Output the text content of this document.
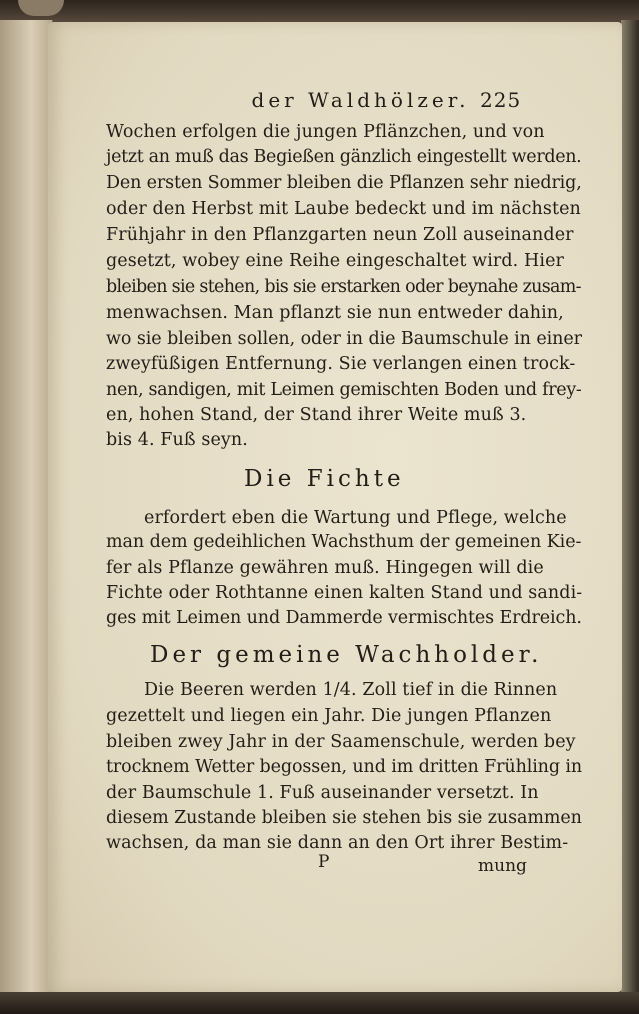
der Waldhölzer. 225
Wochen erfolgen die jungen Pflänzchen, und von
jetzt an muß das Begießen gänzlich eingestellt werden.
Den ersten Sommer bleiben die Pflanzen sehr niedrig,
oder den Herbst mit Laube bedeckt und im nächsten
Frühjahr in den Pflanzgarten neun Zoll auseinander
gesetzt, wobey eine Reihe eingeschaltet wird. Hier
bleiben sie stehen, bis sie erstarken oder beynahe zusam-
menwachsen. Man pflanzt sie nun entweder dahin,
wo sie bleiben sollen, oder in die Baumschule in einer
zweyfüßigen Entfernung. Sie verlangen einen trock-
nen, sandigen, mit Leimen gemischten Boden und frey-
en, hohen Stand, der Stand ihrer Weite muß 3.
bis 4. Fuß seyn.
Die Fichte
erfordert eben die Wartung und Pflege, welche
man dem gedeihlichen Wachsthum der gemeinen Kie-
fer als Pflanze gewähren muß. Hingegen will die
Fichte oder Rothtanne einen kalten Stand und sandi-
ges mit Leimen und Dammerde vermischtes Erdreich.
Der gemeine Wachholder.
Die Beeren werden 1/4. Zoll tief in die Rinnen
gezettelt und liegen ein Jahr. Die jungen Pflanzen
bleiben zwey Jahr in der Saamenschule, werden bey
trocknem Wetter begossen, und im dritten Frühling in
der Baumschule 1. Fuß auseinander versetzt. In
diesem Zustande bleiben sie stehen bis sie zusammen
wachsen, da man sie dann an den Ort ihrer Bestim-
P	mung
